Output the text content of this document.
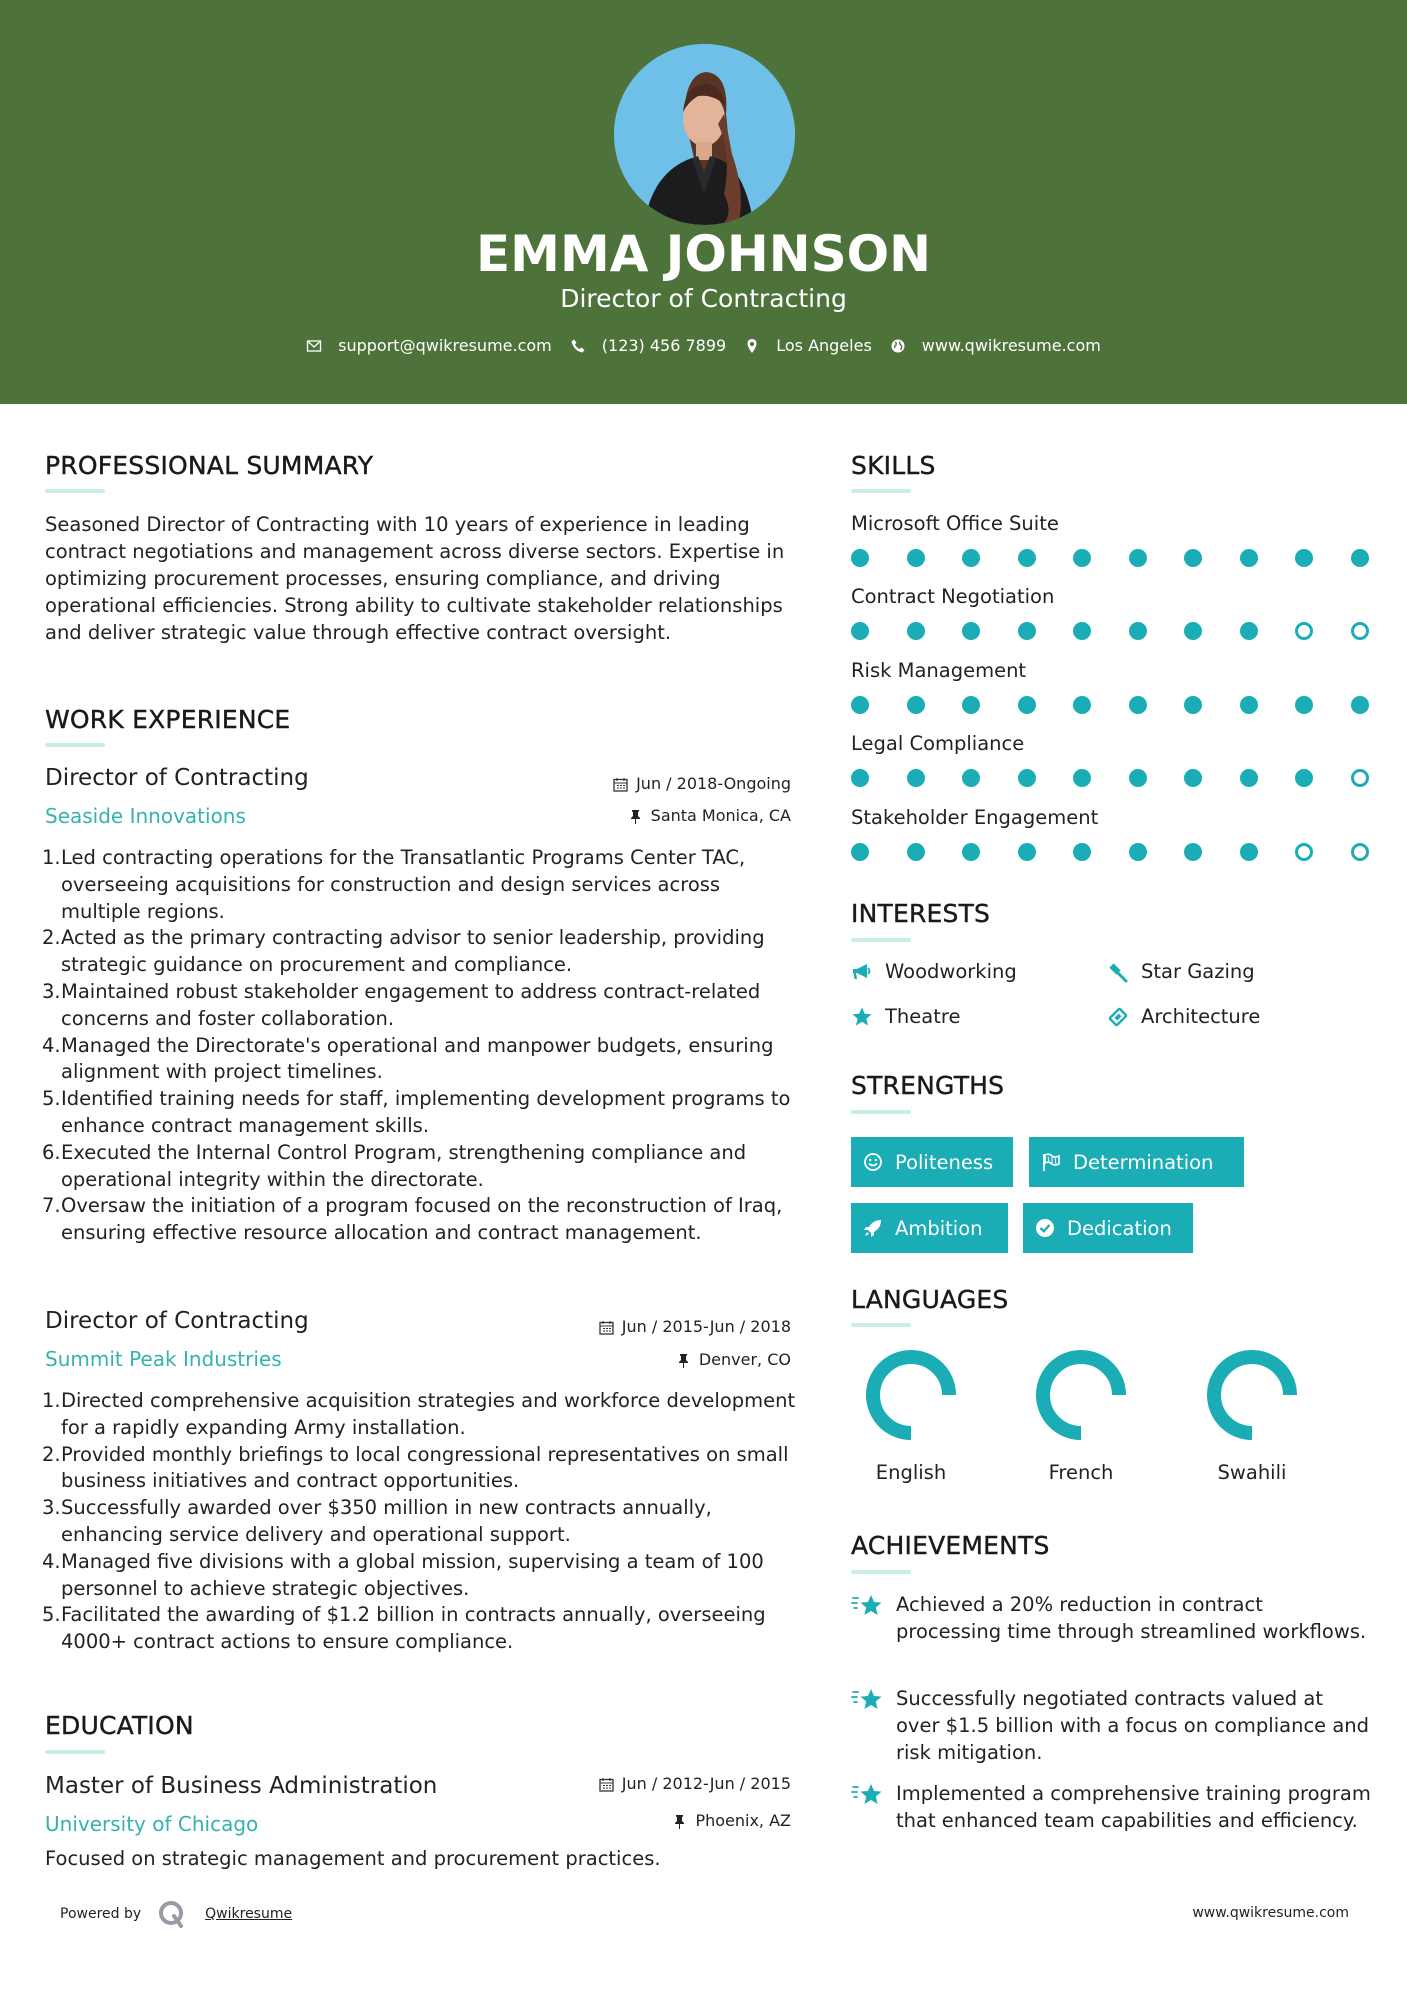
EMMA JOHNSON
Director of Contracting
support@qwikresume.com	(123) 456 7899	Los Angeles	www.qwikresume.com
PROFESSIONAL SUMMARY
Seasoned Director of Contracting with 10 years of experience in leading contract negotiations and management across diverse sectors. Expertise in optimizing procurement processes, ensuring compliance, and driving operational efficiencies. Strong ability to cultivate stakeholder relationships and deliver strategic value through effective contract oversight.
WORK EXPERIENCE
Director of Contracting	Jun / 2018-Ongoing
Seaside Innovations	Santa Monica, CA
1. Led contracting operations for the Transatlantic Programs Center TAC, overseeing acquisitions for construction and design services across multiple regions.
2. Acted as the primary contracting advisor to senior leadership, providing strategic guidance on procurement and compliance.
3. Maintained robust stakeholder engagement to address contract-related concerns and foster collaboration.
4. Managed the Directorate's operational and manpower budgets, ensuring alignment with project timelines.
5. Identified training needs for staff, implementing development programs to enhance contract management skills.
6. Executed the Internal Control Program, strengthening compliance and operational integrity within the directorate.
7. Oversaw the initiation of a program focused on the reconstruction of Iraq, ensuring effective resource allocation and contract management.
Director of Contracting	Jun / 2015-Jun / 2018
Summit Peak Industries	Denver, CO
1. Directed comprehensive acquisition strategies and workforce development for a rapidly expanding Army installation.
2. Provided monthly briefings to local congressional representatives on small business initiatives and contract opportunities.
3. Successfully awarded over $350 million in new contracts annually, enhancing service delivery and operational support.
4. Managed five divisions with a global mission, supervising a team of 100 personnel to achieve strategic objectives.
5. Facilitated the awarding of $1.2 billion in contracts annually, overseeing 4000+ contract actions to ensure compliance.
EDUCATION
Master of Business Administration	Jun / 2012-Jun / 2015
University of Chicago	Phoenix, AZ
Focused on strategic management and procurement practices.
SKILLS
Microsoft Office Suite
Contract Negotiation
Risk Management
Legal Compliance
Stakeholder Engagement
INTERESTS
Woodworking	Star Gazing
Theatre	Architecture
STRENGTHS
Politeness	Determination
Ambition	Dedication
LANGUAGES
English	French	Swahili
ACHIEVEMENTS
Achieved a 20% reduction in contract processing time through streamlined workflows.
Successfully negotiated contracts valued at over $1.5 billion with a focus on compliance and risk mitigation.
Implemented a comprehensive training program that enhanced team capabilities and efficiency.
Powered by	Qwikresume	www.qwikresume.com
